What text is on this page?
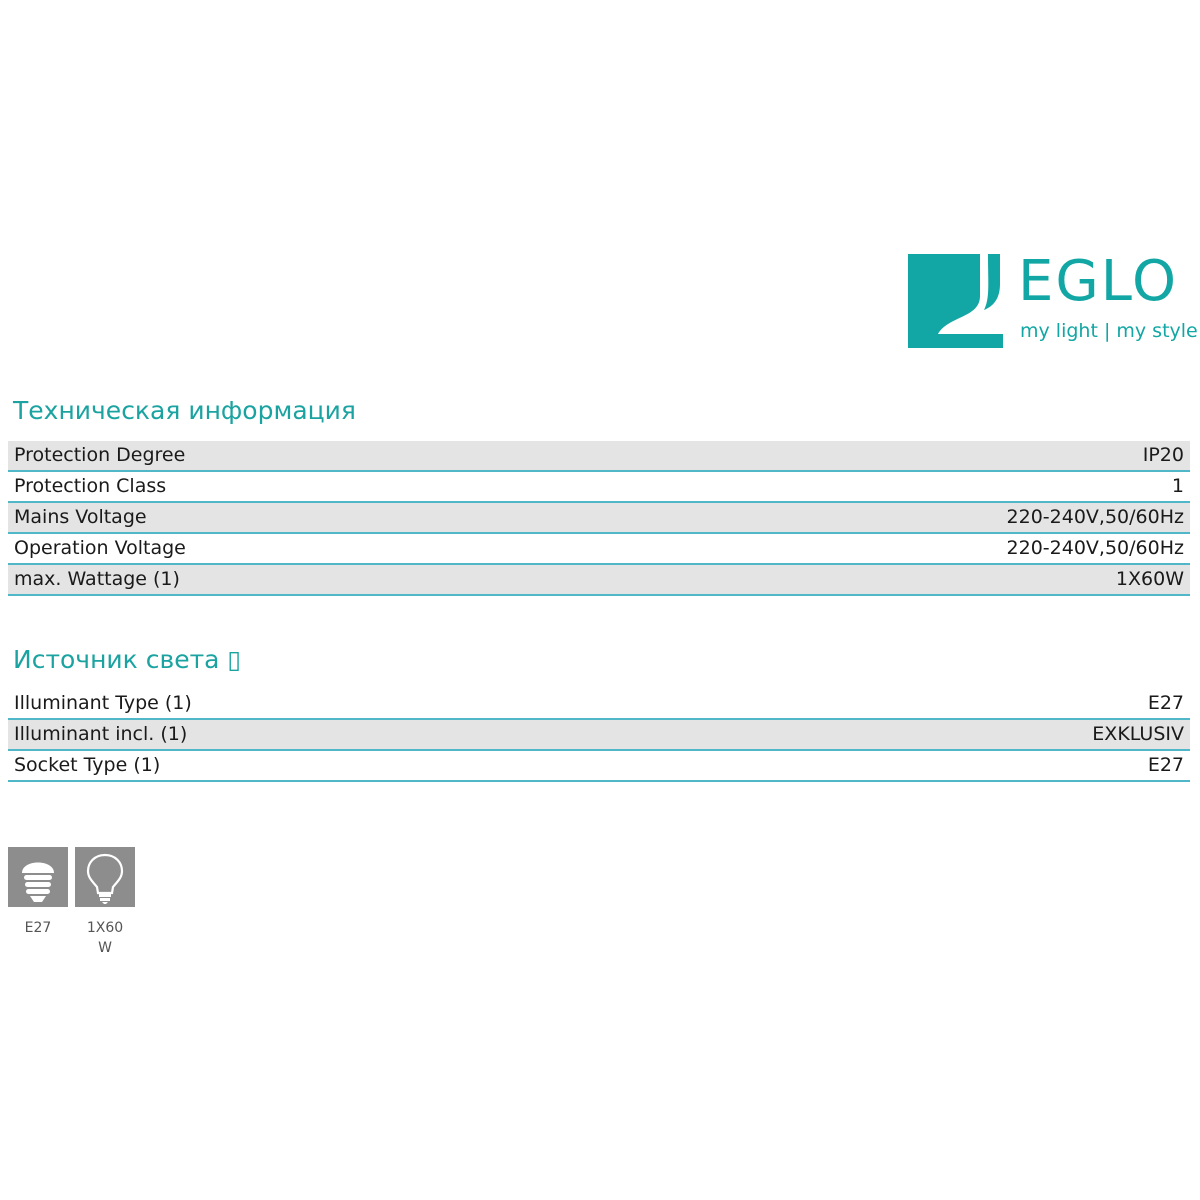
EGLO
my light | my style
Техническая информация
Protection Degree	IP20
Protection Class	1
Mains Voltage	220-240V,50/60Hz
Operation Voltage	220-240V,50/60Hz
max. Wattage (1)	1X60W
Источник света ▯
Illuminant Type (1)	E27
Illuminant incl. (1)	EXKLUSIV
Socket Type (1)	E27
E27	1X60
W
